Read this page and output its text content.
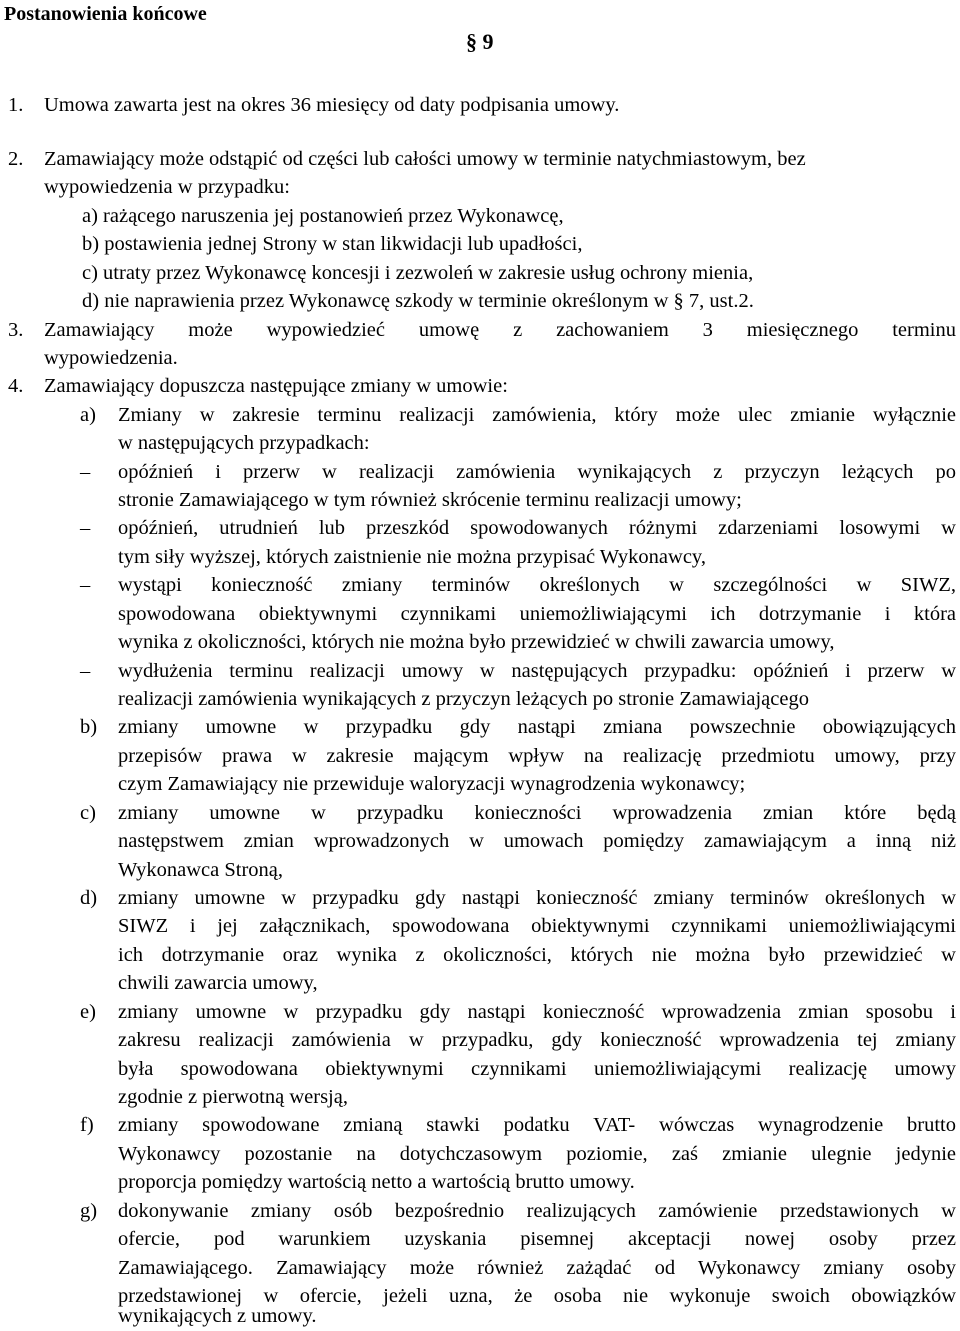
Postanowienia końcowe
§ 9
1. Umowa zawarta jest na okres 36 miesięcy od daty podpisania umowy.
2. Zamawiający może odstąpić od części lub całości umowy w terminie natychmiastowym, bez
wypowiedzenia w przypadku:
a) rażącego naruszenia jej postanowień przez Wykonawcę,
b) postawienia jednej Strony w stan likwidacji lub upadłości,
c) utraty przez Wykonawcę koncesji i zezwoleń w zakresie usług ochrony mienia,
d) nie naprawienia przez Wykonawcę szkody w terminie określonym w § 7, ust.2.
3. Zamawiający może wypowiedzieć umowę z zachowaniem 3 miesięcznego terminu
wypowiedzenia.
4. Zamawiający dopuszcza następujące zmiany w umowie:
a) Zmiany w zakresie terminu realizacji zamówienia, który może ulec zmianie wyłącznie
w następujących przypadkach:
– opóźnień i przerw w realizacji zamówienia wynikających z przyczyn leżących po
stronie Zamawiającego w tym również skrócenie terminu realizacji umowy;
– opóźnień, utrudnień lub przeszkód spowodowanych różnymi zdarzeniami losowymi w
tym siły wyższej, których zaistnienie nie można przypisać Wykonawcy,
– wystąpi konieczność zmiany terminów określonych w szczególności w SIWZ,
spowodowana obiektywnymi czynnikami uniemożliwiającymi ich dotrzymanie i która
wynika z okoliczności, których nie można było przewidzieć w chwili zawarcia umowy,
– wydłużenia terminu realizacji umowy w następujących przypadku: opóźnień i przerw w
realizacji zamówienia wynikających z przyczyn leżących po stronie Zamawiającego
b) zmiany umowne w przypadku gdy nastąpi zmiana powszechnie obowiązujących
przepisów prawa w zakresie mającym wpływ na realizację przedmiotu umowy, przy
czym Zamawiający nie przewiduje waloryzacji wynagrodzenia wykonawcy;
c) zmiany umowne w przypadku konieczności wprowadzenia zmian które będą
następstwem zmian wprowadzonych w umowach pomiędzy zamawiającym a inną niż
Wykonawca Stroną,
d) zmiany umowne w przypadku gdy nastąpi konieczność zmiany terminów określonych w
SIWZ i jej załącznikach, spowodowana obiektywnymi czynnikami uniemożliwiającymi
ich dotrzymanie oraz wynika z okoliczności, których nie można było przewidzieć w
chwili zawarcia umowy,
e) zmiany umowne w przypadku gdy nastąpi konieczność wprowadzenia zmian sposobu i
zakresu realizacji zamówienia w przypadku, gdy konieczność wprowadzenia tej zmiany
była spowodowana obiektywnymi czynnikami uniemożliwiającymi realizację umowy
zgodnie z pierwotną wersją,
f) zmiany spowodowane zmianą stawki podatku VAT- wówczas wynagrodzenie brutto
Wykonawcy pozostanie na dotychczasowym poziomie, zaś zmianie ulegnie jedynie
proporcja pomiędzy wartością netto a wartością brutto umowy.
g) dokonywanie zmiany osób bezpośrednio realizujących zamówienie przedstawionych w
ofercie, pod warunkiem uzyskania pisemnej akceptacji nowej osoby przez
Zamawiającego. Zamawiający może również zażądać od Wykonawcy zmiany osoby
przedstawionej w ofercie, jeżeli uzna, że osoba nie wykonuje swoich obowiązków
wynikających z umowy.
